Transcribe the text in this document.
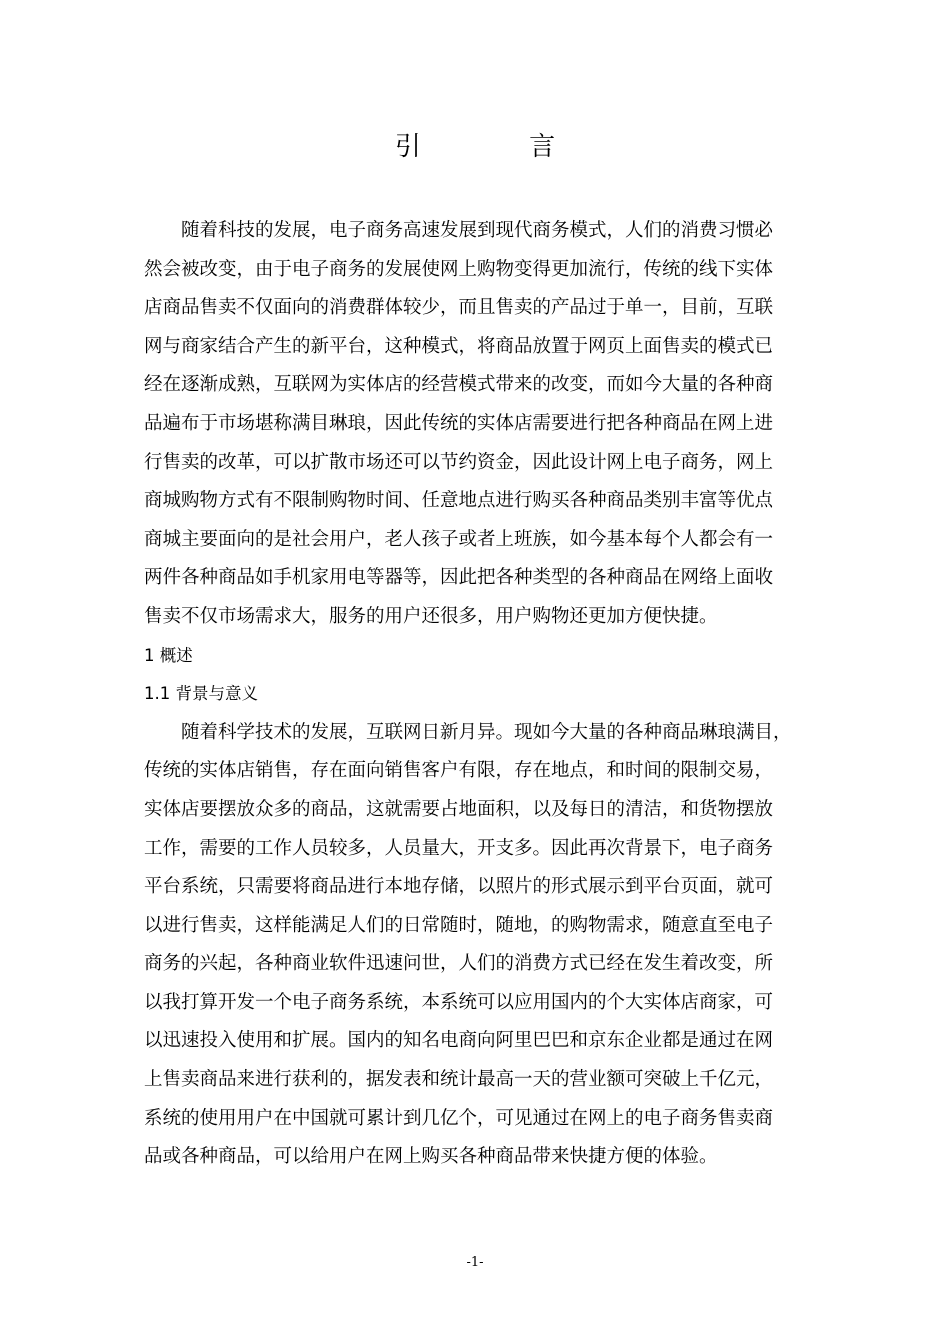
引 言
随着科技的发展，电子商务高速发展到现代商务模式，人们的消费习惯必
然会被改变，由于电子商务的发展使网上购物变得更加流行，传统的线下实体
店商品售卖不仅面向的消费群体较少，而且售卖的产品过于单一，目前，互联
网与商家结合产生的新平台，这种模式，将商品放置于网页上面售卖的模式已
经在逐渐成熟，互联网为实体店的经营模式带来的改变，而如今大量的各种商
品遍布于市场堪称满目琳琅，因此传统的实体店需要进行把各种商品在网上进
行售卖的改革，可以扩散市场还可以节约资金，因此设计网上电子商务，网上
商城购物方式有不限制购物时间、任意地点进行购买各种商品类别丰富等优点
商城主要面向的是社会用户，老人孩子或者上班族，如今基本每个人都会有一
两件各种商品如手机家用电等器等，因此把各种类型的各种商品在网络上面收
售卖不仅市场需求大，服务的用户还很多，用户购物还更加方便快捷。
1 概述
1.1 背景与意义
随着科学技术的发展，互联网日新月异。现如今大量的各种商品琳琅满目，
传统的实体店销售，存在面向销售客户有限，存在地点，和时间的限制交易，
实体店要摆放众多的商品，这就需要占地面积，以及每日的清洁，和货物摆放
工作，需要的工作人员较多，人员量大，开支多。因此再次背景下，电子商务
平台系统，只需要将商品进行本地存储，以照片的形式展示到平台页面，就可
以进行售卖，这样能满足人们的日常随时，随地，的购物需求，随意直至电子
商务的兴起，各种商业软件迅速问世，人们的消费方式已经在发生着改变，所
以我打算开发一个电子商务系统，本系统可以应用国内的个大实体店商家，可
以迅速投入使用和扩展。国内的知名电商向阿里巴巴和京东企业都是通过在网
上售卖商品来进行获利的，据发表和统计最高一天的营业额可突破上千亿元，
系统的使用用户在中国就可累计到几亿个，可见通过在网上的电子商务售卖商
品或各种商品，可以给用户在网上购买各种商品带来快捷方便的体验。
-1-
